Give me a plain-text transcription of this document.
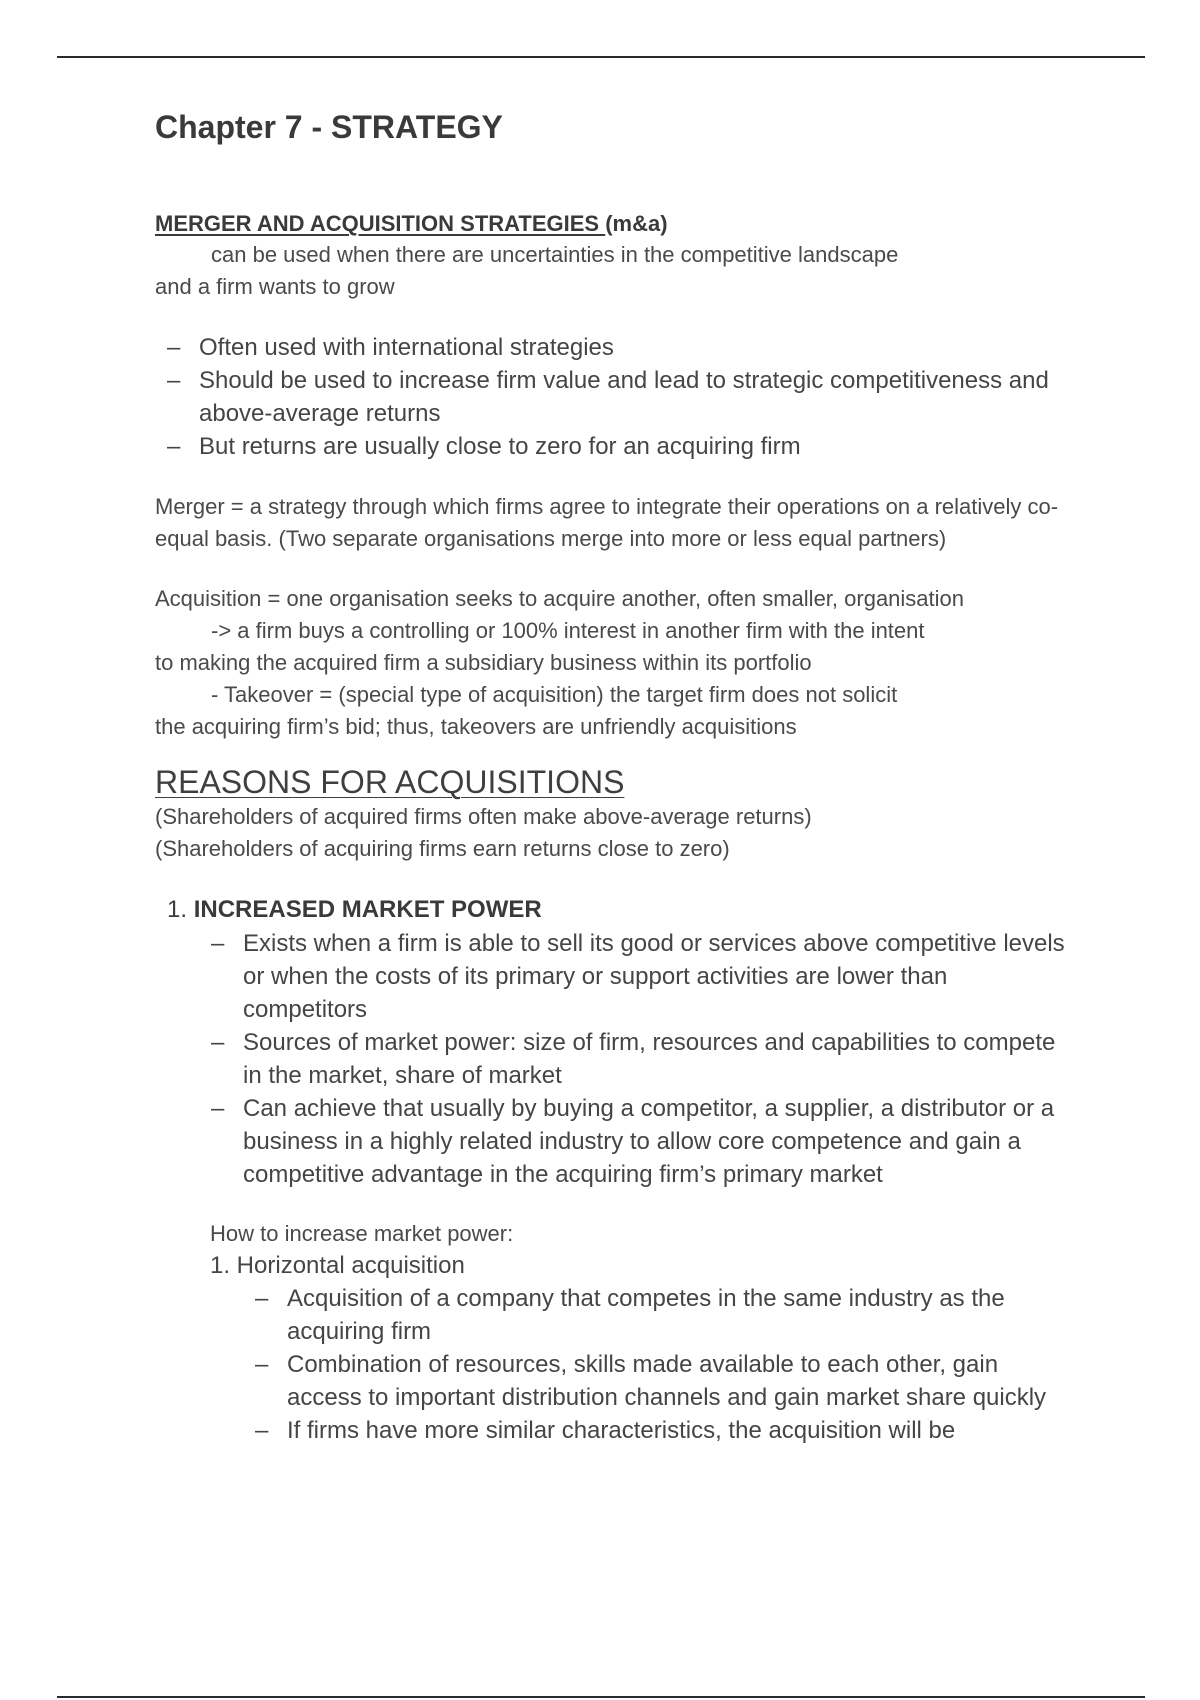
Chapter 7 - STRATEGY
MERGER AND ACQUISITION STRATEGIES (m&a)
can be used when there are uncertainties in the competitive landscape
and a firm wants to grow
– Often used with international strategies
– Should be used to increase firm value and lead to strategic competitiveness and above-average returns
– But returns are usually close to zero for an acquiring firm
Merger = a strategy through which firms agree to integrate their operations on a relatively co-equal basis. (Two separate organisations merge into more or less equal partners)
Acquisition = one organisation seeks to acquire another, often smaller, organisation
-> a firm buys a controlling or 100% interest in another firm with the intent
to making the acquired firm a subsidiary business within its portfolio
- Takeover = (special type of acquisition) the target firm does not solicit
the acquiring firm’s bid; thus, takeovers are unfriendly acquisitions
REASONS FOR ACQUISITIONS
(Shareholders of acquired firms often make above-average returns)
(Shareholders of acquiring firms earn returns close to zero)
1. INCREASED MARKET POWER
– Exists when a firm is able to sell its good or services above competitive levels or when the costs of its primary or support activities are lower than competitors
– Sources of market power: size of firm, resources and capabilities to compete in the market, share of market
– Can achieve that usually by buying a competitor, a supplier, a distributor or a business in a highly related industry to allow core competence and gain a competitive advantage in the acquiring firm’s primary market
How to increase market power:
1. Horizontal acquisition
– Acquisition of a company that competes in the same industry as the acquiring firm
– Combination of resources, skills made available to each other, gain access to important distribution channels and gain market share quickly
– If firms have more similar characteristics, the acquisition will be
